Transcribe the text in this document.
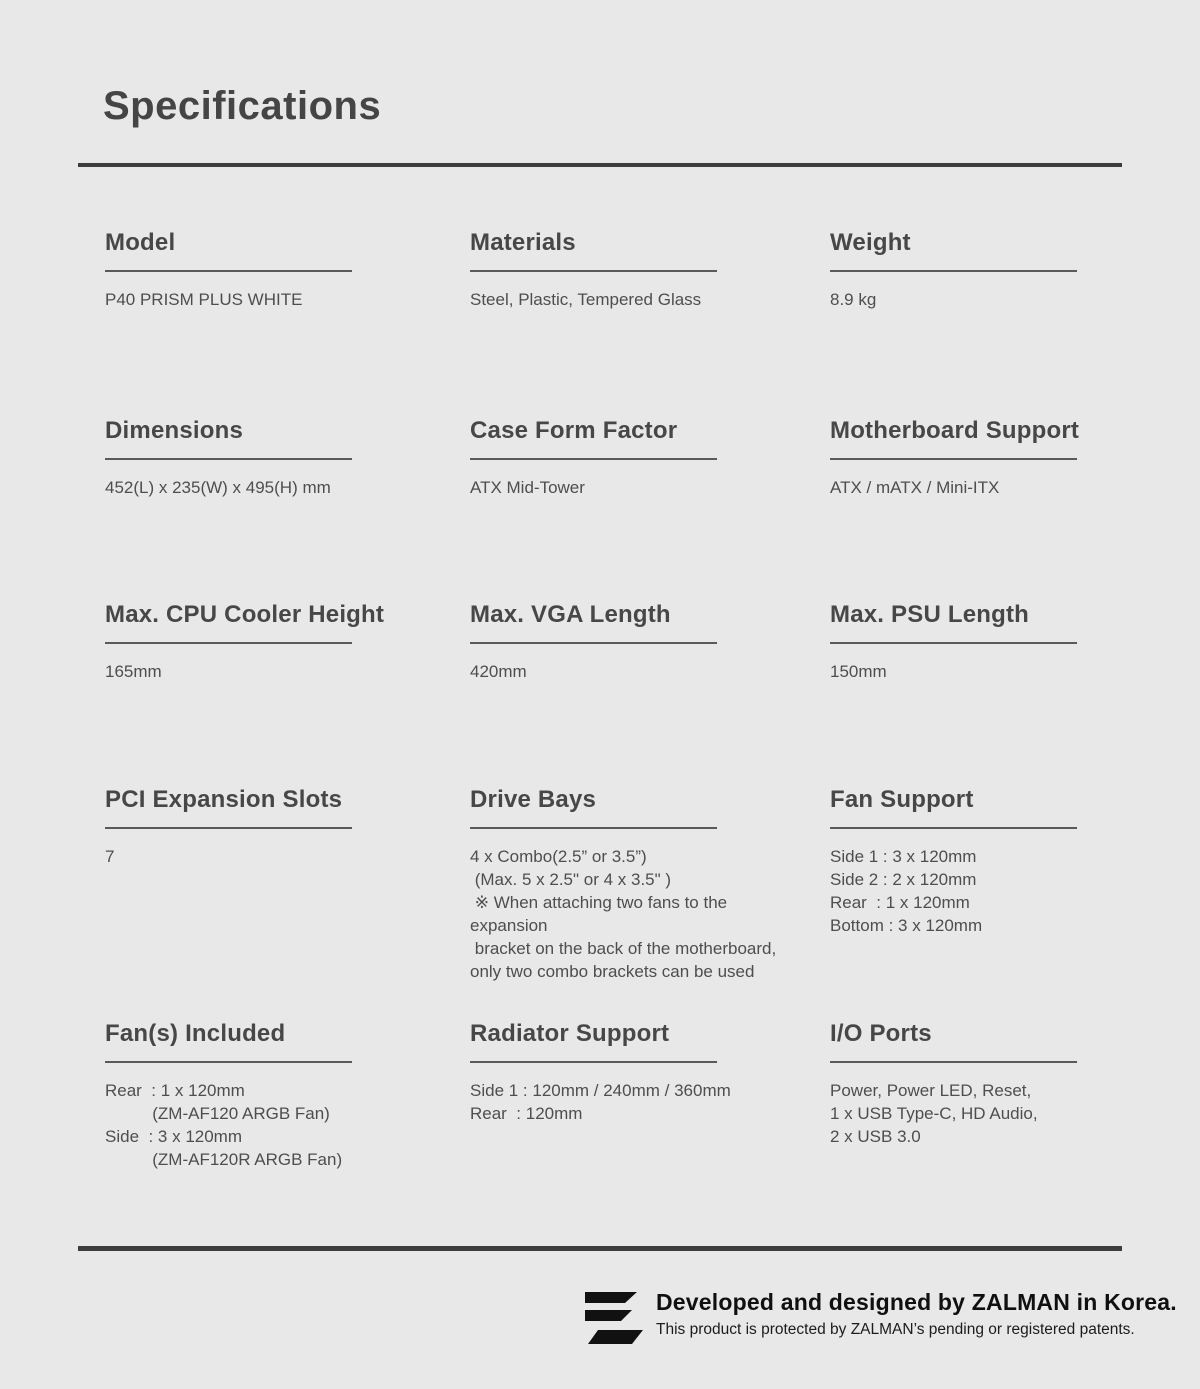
Specifications
Model
P40 PRISM PLUS WHITE
Materials
Steel, Plastic, Tempered Glass
Weight
8.9 kg
Dimensions
452(L) x 235(W) x 495(H) mm
Case Form Factor
ATX Mid-Tower
Motherboard Support
ATX / mATX / Mini-ITX
Max. CPU Cooler Height
165mm
Max. VGA Length
420mm
Max. PSU Length
150mm
PCI Expansion Slots
7
Drive Bays
4 x Combo(2.5” or 3.5”)
(Max. 5 x 2.5" or 4 x 3.5" )
※ When attaching two fans to the expansion
bracket on the back of the motherboard,
only two combo brackets can be used
Fan Support
Side 1 : 3 x 120mm
Side 2 : 2 x 120mm
Rear  : 1 x 120mm
Bottom : 3 x 120mm
Fan(s) Included
Rear  : 1 x 120mm
(ZM-AF120 ARGB Fan)
Side  : 3 x 120mm
(ZM-AF120R ARGB Fan)
Radiator Support
Side 1 : 120mm / 240mm / 360mm
Rear  : 120mm
I/O Ports
Power, Power LED, Reset,
1 x USB Type-C, HD Audio,
2 x USB 3.0
Developed and designed by ZALMAN in Korea.
This product is protected by ZALMAN’s pending or registered patents.
